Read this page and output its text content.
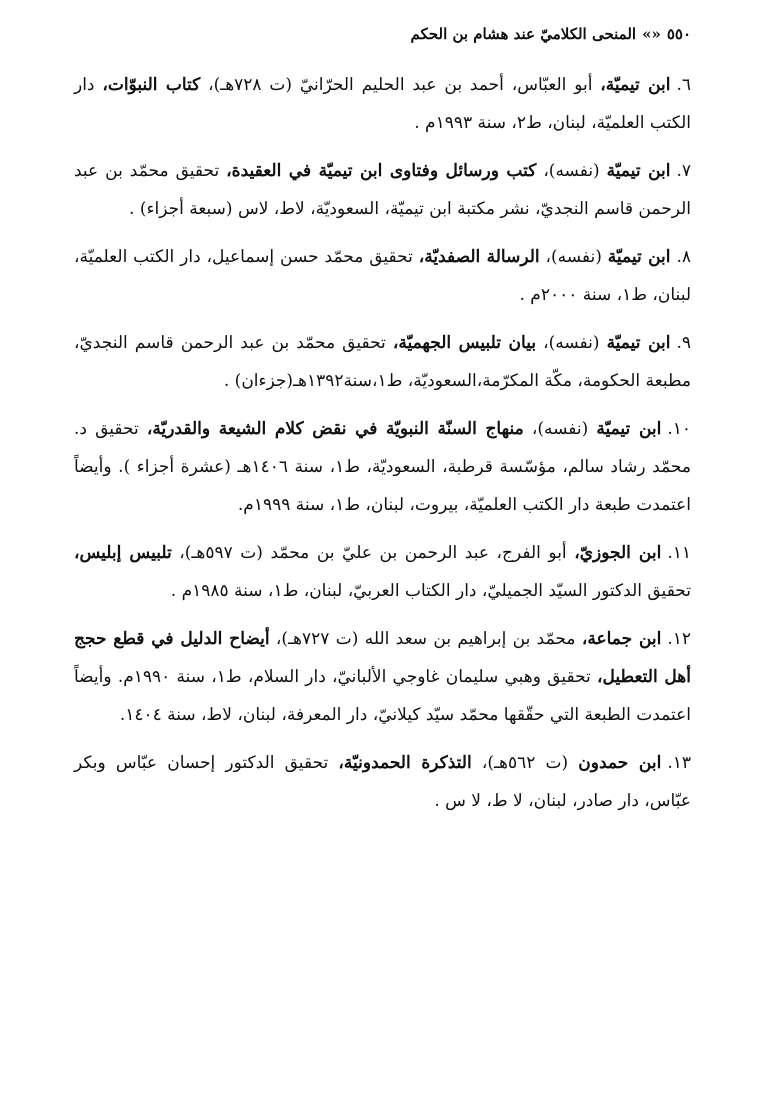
٥٥٠«»المنحى الكلاميّ عند هشام بن الحكم
٦.ابن تيميّة، أبو العبّاس، أحمد بن عبد الحليم الحرّانيّ (ت ٧٢٨هـ)، كتاب النبوّات، دار الكتب العلميّة، لبنان، ط٢، سنة ١٩٩٣م .
٧.ابن تيميّة (نفسه)، كتب ورسائل وفتاوى ابن تيميّة في العقيدة، تحقيق محمّد بن عبد الرحمن قاسم النجديّ، نشر مكتبة ابن تيميّة، السعوديّة، لاط، لاس (سبعة أجزاء) .
٨.ابن تيميّة (نفسه)، الرسالة الصفديّة، تحقيق محمّد حسن إسماعيل، دار الكتب العلميّة، لبنان، ط١، سنة ٢٠٠٠م .
٩.ابن تيميّة (نفسه)، بيان تلبيس الجهميّة، تحقيق محمّد بن عبد الرحمن قاسم النجديّ، مطبعة الحكومة، مكّة المكرّمة،السعوديّة، ط١،سنة١٣٩٢هـ(جزءان) .
١٠.ابن تيميّة (نفسه)، منهاج السنّة النبويّة في نقض كلام الشيعة والقدريّة، تحقيق د. محمّد رشاد سالم، مؤسّسة قرطبة، السعوديّة، ط١، سنة ١٤٠٦هـ (عشرة أجزاء ). وأيضاً اعتمدت طبعة دار الكتب العلميّة، بيروت، لبنان، ط١، سنة ١٩٩٩م.
١١.ابن الجوزيّ، أبو الفرج، عبد الرحمن بن عليّ بن محمّد (ت ٥٩٧هـ)، تلبيس إبليس، تحقيق الدكتور السيّد الجميليّ، دار الكتاب العربيّ، لبنان، ط١، سنة ١٩٨٥م .
١٢.ابن جماعة، محمّد بن إبراهيم بن سعد الله (ت ٧٢٧هـ)، أيضاح الدليل في قطع حجج أهل التعطيل، تحقيق وهبي سليمان غاوجي الألبانيّ، دار السلام، ط١، سنة ١٩٩٠م. وأيضاً اعتمدت الطبعة التي حقّقها محمّد سيّد كيلانيّ، دار المعرفة، لبنان، لاط، سنة ١٤٠٤.
١٣.ابن حمدون (ت ٥٦٢هـ)، التذكرة الحمدونيّة، تحقيق الدكتور إحسان عبّاس وبكر عبّاس، دار صادر، لبنان، لا ط، لا س .
